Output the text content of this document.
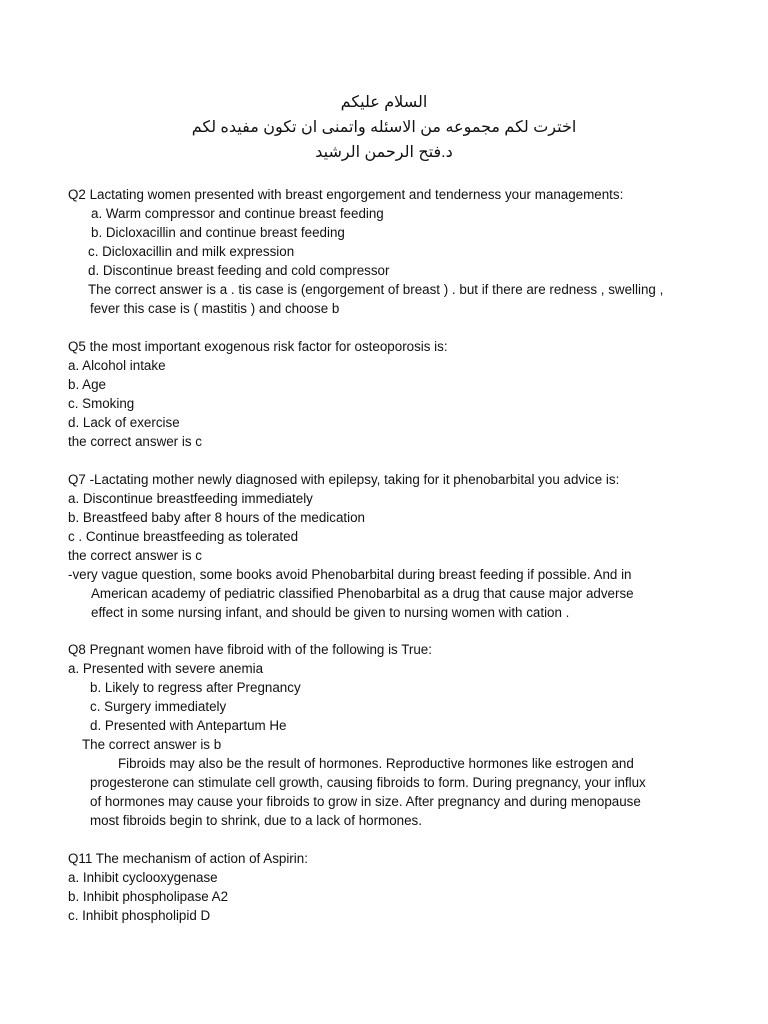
السلام عليكم
اخترت لكم مجموعه من الاسئله واتمنى ان تكون مفيده لكم
د.فتح الرحمن الرشيد
Q2 Lactating women presented with breast engorgement and tenderness your managements:
a. Warm compressor and continue breast feeding
b. Dicloxacillin and continue breast feeding
c. Dicloxacillin and milk expression
d. Discontinue breast feeding and cold compressor
The correct answer is a . tis case is (engorgement of breast ) . but if there are redness , swelling ,
fever this case is ( mastitis ) and choose b
Q5 the most important exogenous risk factor for osteoporosis is:
a. Alcohol intake
b. Age
c. Smoking
d. Lack of exercise
the correct answer is c
Q7 -Lactating mother newly diagnosed with epilepsy, taking for it phenobarbital you advice is:
a. Discontinue breastfeeding immediately
b. Breastfeed baby after 8 hours of the medication
c . Continue breastfeeding as tolerated
the correct answer is c
-very vague question, some books avoid Phenobarbital during breast feeding if possible. And in
American academy of pediatric classified Phenobarbital as a drug that cause major adverse
effect in some nursing infant, and should be given to nursing women with cation .
Q8 Pregnant women have fibroid with of the following is True:
a. Presented with severe anemia
b. Likely to regress after Pregnancy
c. Surgery immediately
d. Presented with Antepartum He
The correct answer is b
Fibroids may also be the result of hormones. Reproductive hormones like estrogen and
progesterone can stimulate cell growth, causing fibroids to form. During pregnancy, your influx
of hormones may cause your fibroids to grow in size. After pregnancy and during menopause
most fibroids begin to shrink, due to a lack of hormones.
Q11 The mechanism of action of Aspirin:
a. Inhibit cyclooxygenase
b. Inhibit phospholipase A2
c. Inhibit phospholipid D
